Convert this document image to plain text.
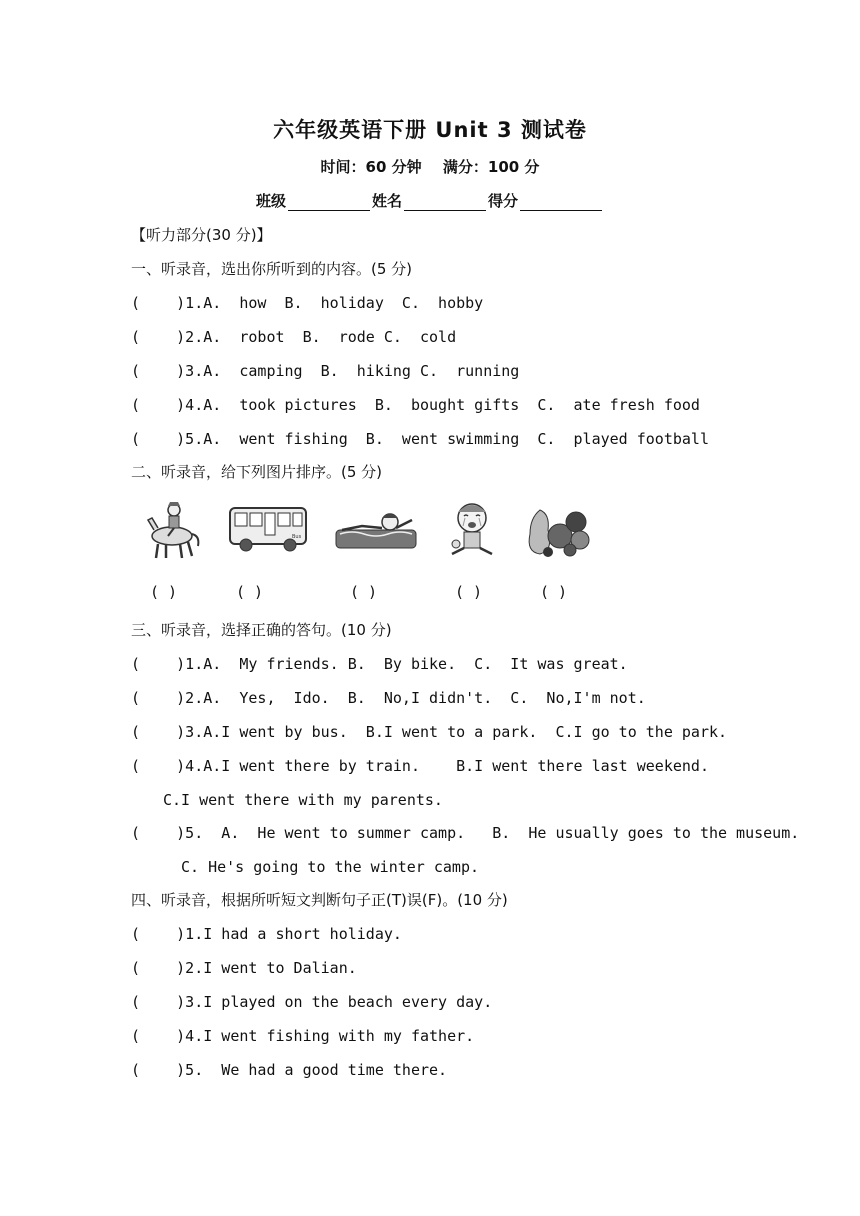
六年级英语下册 Unit 3 测试卷
时间：60 分钟 满分：100 分
班级	姓名	得分
【听力部分(30 分)】
一、听录音，选出你所听到的内容。(5 分)
(    )1.A.  how  B.  holiday  C.  hobby
(    )2.A.  robot  B.  rode C.  cold
(    )3.A.  camping  B.  hiking C.  running
(    )4.A.  took pictures  B.  bought gifts  C.  ate fresh food
(    )5.A.  went fishing  B.  went swimming  C.  played football
二、听录音，给下列图片排序。(5 分)
Bus
( )	( )	( )	( )	( )
三、听录音，选择正确的答句。(10 分)
(    )1.A.  My friends. B.  By bike.  C.  It was great.
(    )2.A.  Yes,  Ido.  B.  No,I didn't.  C.  No,I'm not.
(    )3.A.I went by bus.  B.I went to a park.  C.I go to the park.
(    )4.A.I went there by train.    B.I went there last weekend.
C.I went there with my parents.
(    )5.  A.  He went to summer camp.   B.  He usually goes to the museum.
C. He's going to the winter camp.
四、听录音，根据所听短文判断句子正(T)误(F)。(10 分)
(    )1.I had a short holiday.
(    )2.I went to Dalian.
(    )3.I played on the beach every day.
(    )4.I went fishing with my father.
(    )5.  We had a good time there.
